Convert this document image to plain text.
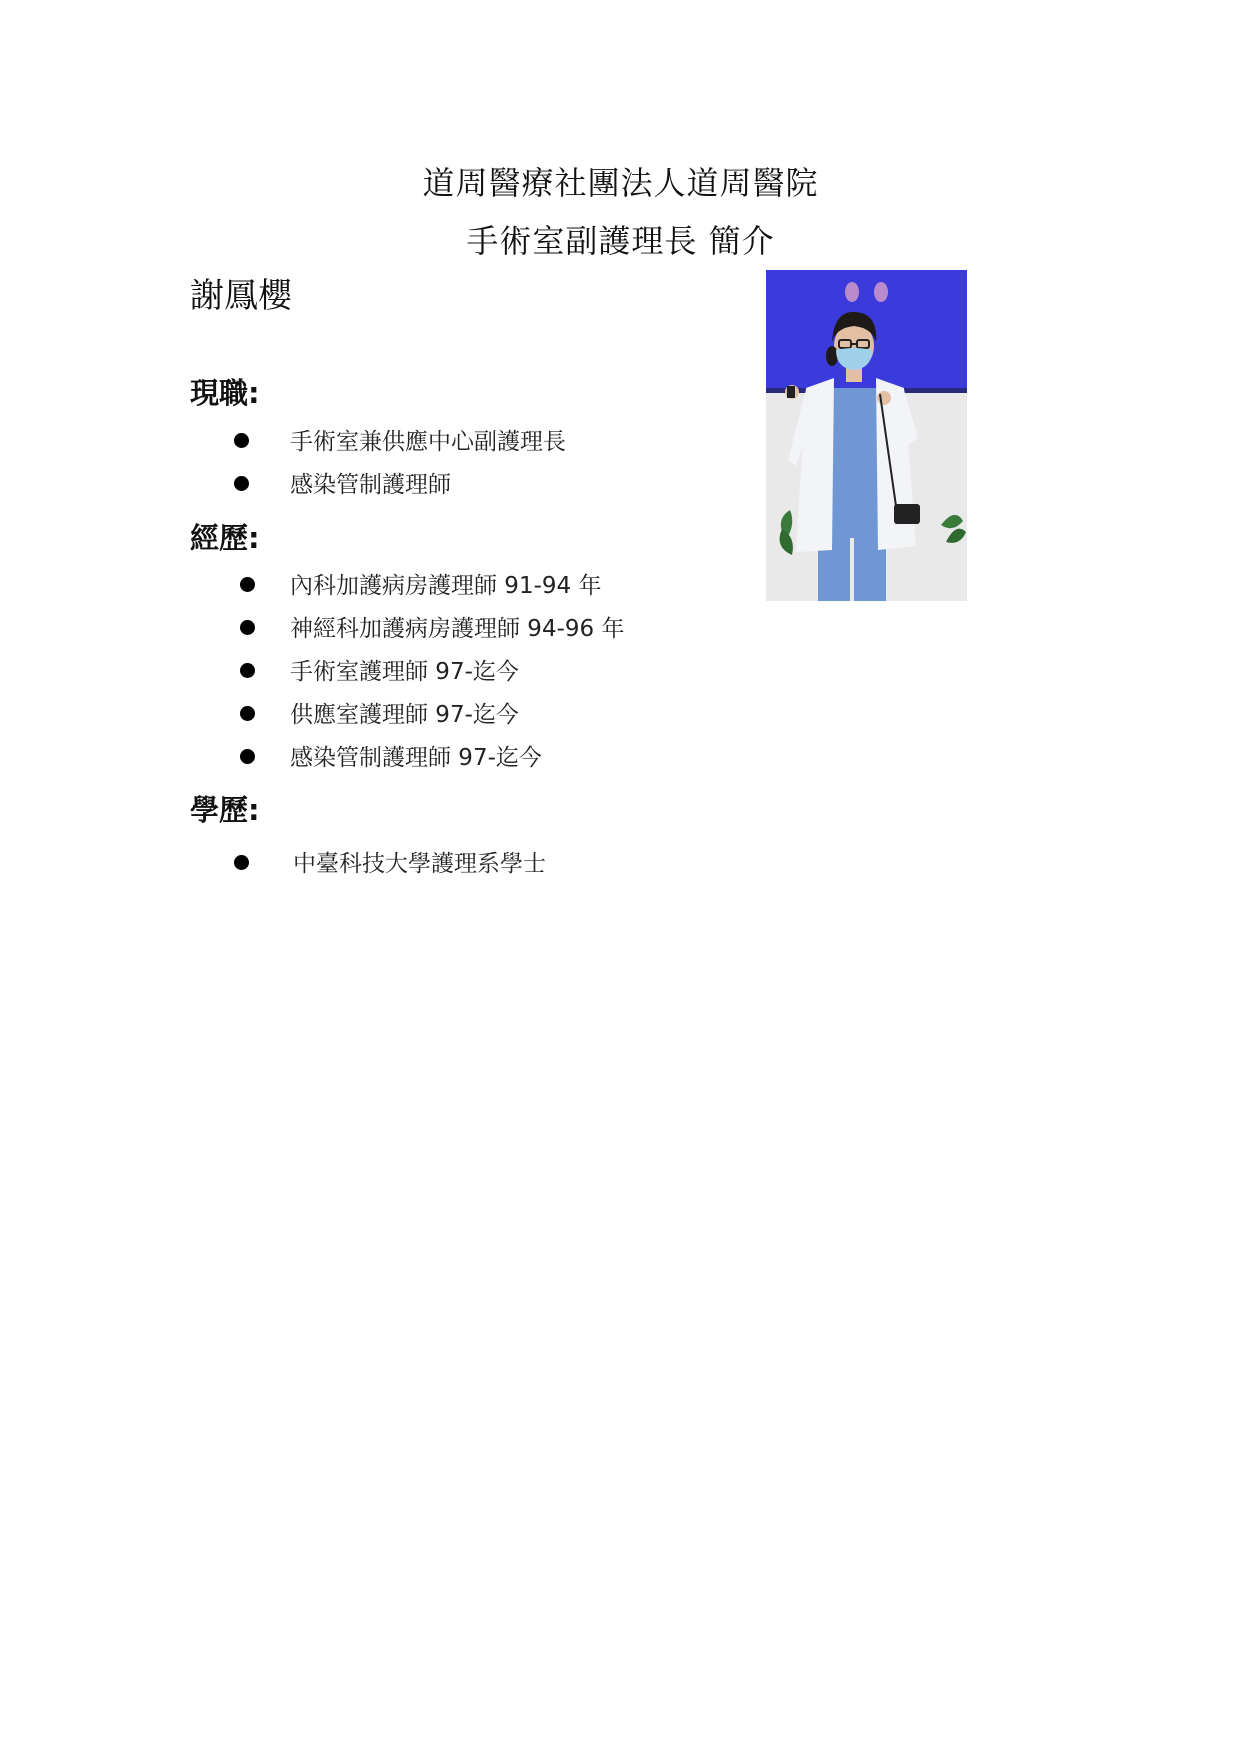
道周醫療社團法人道周醫院
手術室副護理長 簡介
謝鳳櫻
現職:
手術室兼供應中心副護理長
感染管制護理師
經歷:
內科加護病房護理師 91-94 年
神經科加護病房護理師 94-96 年
手術室護理師 97-迄今
供應室護理師 97-迄今
感染管制護理師 97-迄今
學歷:
中臺科技大學護理系學士
